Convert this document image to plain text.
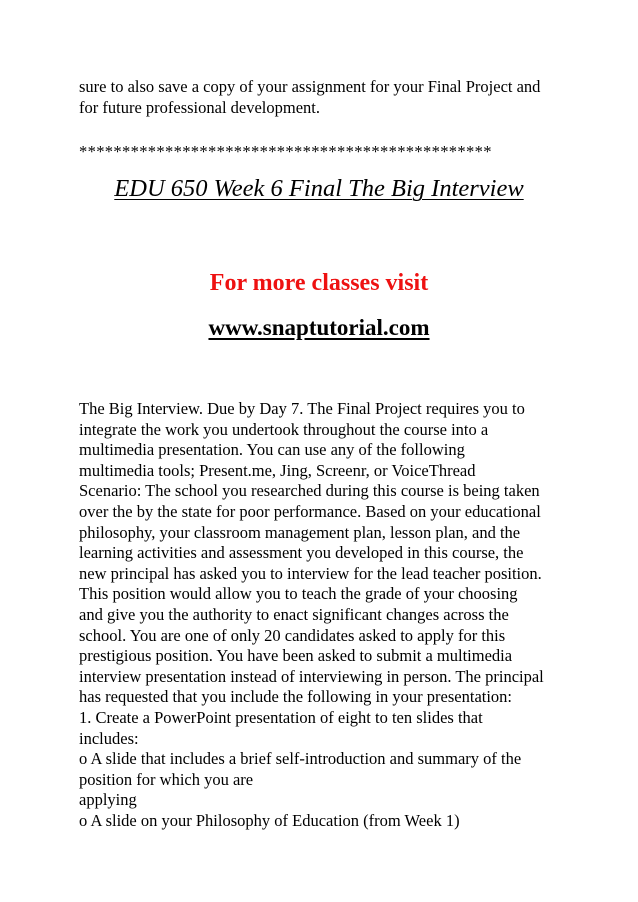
sure to also save a copy of your assignment for your Final Project and
for future professional development.
************************************************
EDU 650 Week 6 Final The Big Interview
For more classes visit
www.snaptutorial.com
The Big Interview. Due by Day 7. The Final Project requires you to
integrate the work you undertook throughout the course into a
multimedia presentation. You can use any of the following
multimedia tools; Present.me, Jing, Screenr, or VoiceThread
Scenario: The school you researched during this course is being taken
over the by the state for poor performance. Based on your educational
philosophy, your classroom management plan, lesson plan, and the
learning activities and assessment you developed in this course, the
new principal has asked you to interview for the lead teacher position.
This position would allow you to teach the grade of your choosing
and give you the authority to enact significant changes across the
school. You are one of only 20 candidates asked to apply for this
prestigious position. You have been asked to submit a multimedia
interview presentation instead of interviewing in person. The principal
has requested that you include the following in your presentation:
1. Create a PowerPoint presentation of eight to ten slides that
includes:
o A slide that includes a brief self-introduction and summary of the
position for which you are
applying
o A slide on your Philosophy of Education (from Week 1)
